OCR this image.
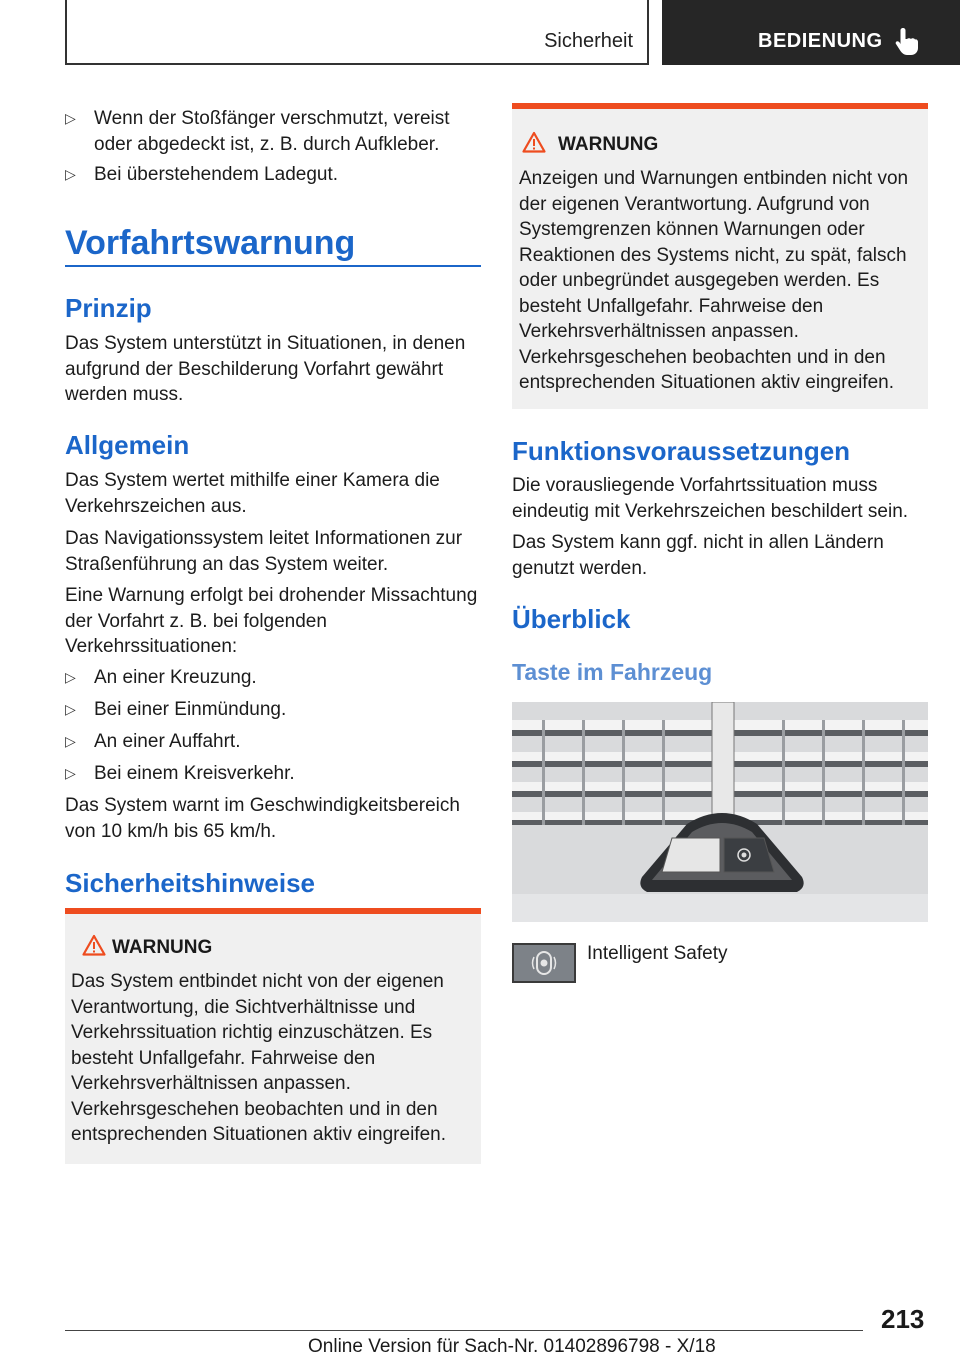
Sicherheit	BEDIENUNG
▷ Wenn der Stoßfänger verschmutzt, vereist oder abgedeckt ist, z. B. durch Aufkleber.
▷ Bei überstehendem Ladegut.
Vorfahrtswarnung
Prinzip
Das System unterstützt in Situationen, in denen aufgrund der Beschilderung Vorfahrt gewährt werden muss.
Allgemein
Das System wertet mithilfe einer Kamera die Verkehrszeichen aus.
Das Navigationssystem leitet Informationen zur Straßenführung an das System weiter.
Eine Warnung erfolgt bei drohender Missachtung der Vorfahrt z. B. bei folgenden Verkehrssituationen:
▷ An einer Kreuzung.
▷ Bei einer Einmündung.
▷ An einer Auffahrt.
▷ Bei einem Kreisverkehr.
Das System warnt im Geschwindigkeitsbereich von 10 km/h bis 65 km/h.
Sicherheitshinweise
WARNUNG
Das System entbindet nicht von der eigenen Verantwortung, die Sichtverhältnisse und Verkehrssituation richtig einzuschätzen. Es besteht Unfallgefahr. Fahrweise den Verkehrsverhältnissen anpassen. Verkehrsgeschehen beobachten und in den entsprechenden Situationen aktiv eingreifen.
WARNUNG
Anzeigen und Warnungen entbinden nicht von der eigenen Verantwortung. Aufgrund von Systemgrenzen können Warnungen oder Reaktionen des Systems nicht, zu spät, falsch oder unbegründet ausgegeben werden. Es besteht Unfallgefahr. Fahrweise den Verkehrsverhältnissen anpassen. Verkehrsgeschehen beobachten und in den entsprechenden Situationen aktiv eingreifen.
Funktionsvoraussetzungen
Die vorausliegende Vorfahrtssituation muss eindeutig mit Verkehrszeichen beschildert sein.
Das System kann ggf. nicht in allen Ländern genutzt werden.
Überblick
Taste im Fahrzeug
Intelligent Safety
213
Online Version für Sach-Nr. 01402896798 - X/18
